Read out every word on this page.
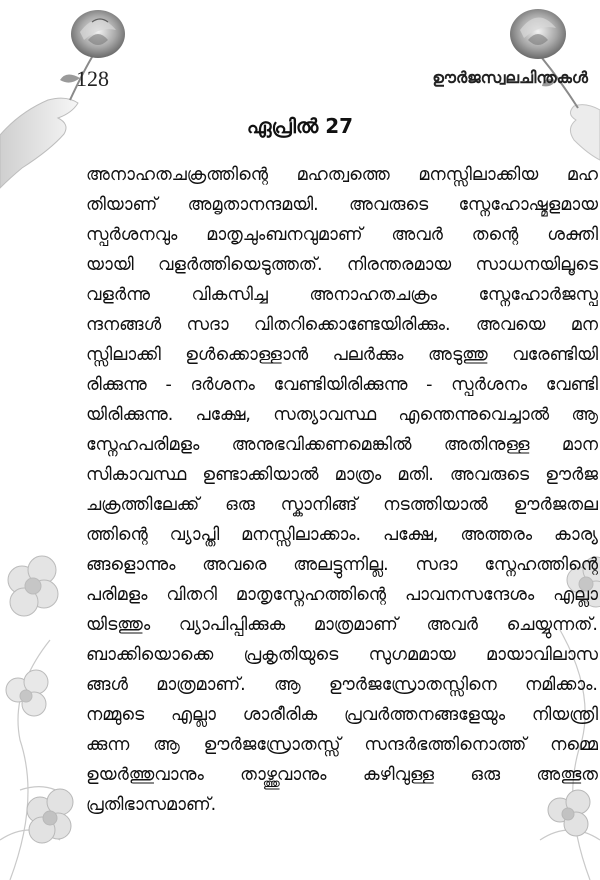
128	ഊർജസ്വലചിന്തകൾ
ഏപ്രിൽ 27
അനാഹതചക്രത്തിന്റെ മഹത്വത്തെ മനസ്സിലാക്കിയ മഹ
തിയാണ് അമൃതാനന്ദമയി. അവരുടെ സ്നേഹോഷ്മളമായ
സ്പർശനവും മാതൃചുംബനവുമാണ് അവർ തന്റെ ശക്തി
യായി വളർത്തിയെടുത്തത്. നിരന്തരമായ സാധനയിലൂടെ
വളർന്നു വികസിച്ച അനാഹതചക്രം സ്നേഹോർജസ്പ
ന്ദനങ്ങൾ സദാ വിതറിക്കൊണ്ടേയിരിക്കും. അവയെ മന
സ്സിലാക്കി ഉൾക്കൊള്ളാൻ പലർക്കും അടുത്തു വരേണ്ടിയി
രിക്കുന്നു - ദർശനം വേണ്ടിയിരിക്കുന്നു - സ്പർശനം വേണ്ടി
യിരിക്കുന്നു. പക്ഷേ, സത്യാവസ്ഥ എന്തെന്നുവെച്ചാൽ ആ
സ്നേഹപരിമളം അനുഭവിക്കണമെങ്കിൽ അതിനുള്ള മാന
സികാവസ്ഥ ഉണ്ടാക്കിയാൽ മാത്രം മതി. അവരുടെ ഊർജ
ചക്രത്തിലേക്ക് ഒരു സ്കാനിങ്ങ് നടത്തിയാൽ ഊർജതല
ത്തിന്റെ വ്യാപ്തി മനസ്സിലാക്കാം. പക്ഷേ, അത്തരം കാര്യ
ങ്ങളൊന്നും അവരെ അലട്ടുന്നില്ല. സദാ സ്നേഹത്തിന്റെ
പരിമളം വിതറി മാതൃസ്നേഹത്തിന്റെ പാവനസന്ദേശം എല്ലാ
യിടത്തും വ്യാപിപ്പിക്കുക മാത്രമാണ് അവർ ചെയ്യുന്നത്.
ബാക്കിയൊക്കെ പ്രകൃതിയുടെ സുഗമമായ മായാവിലാസ
ങ്ങൾ മാത്രമാണ്. ആ ഊർജസ്രോതസ്സിനെ നമിക്കാം.
നമ്മുടെ എല്ലാ ശാരീരിക പ്രവർത്തനങ്ങളേയും നിയന്ത്രി
ക്കുന്ന ആ ഊർജസ്രോതസ്സ് സന്ദർഭത്തിനൊത്ത് നമ്മെ
ഉയർത്തുവാനും താഴ്ത്തുവാനും കഴിവുള്ള ഒരു അത്ഭുത
പ്രതിഭാസമാണ്.
